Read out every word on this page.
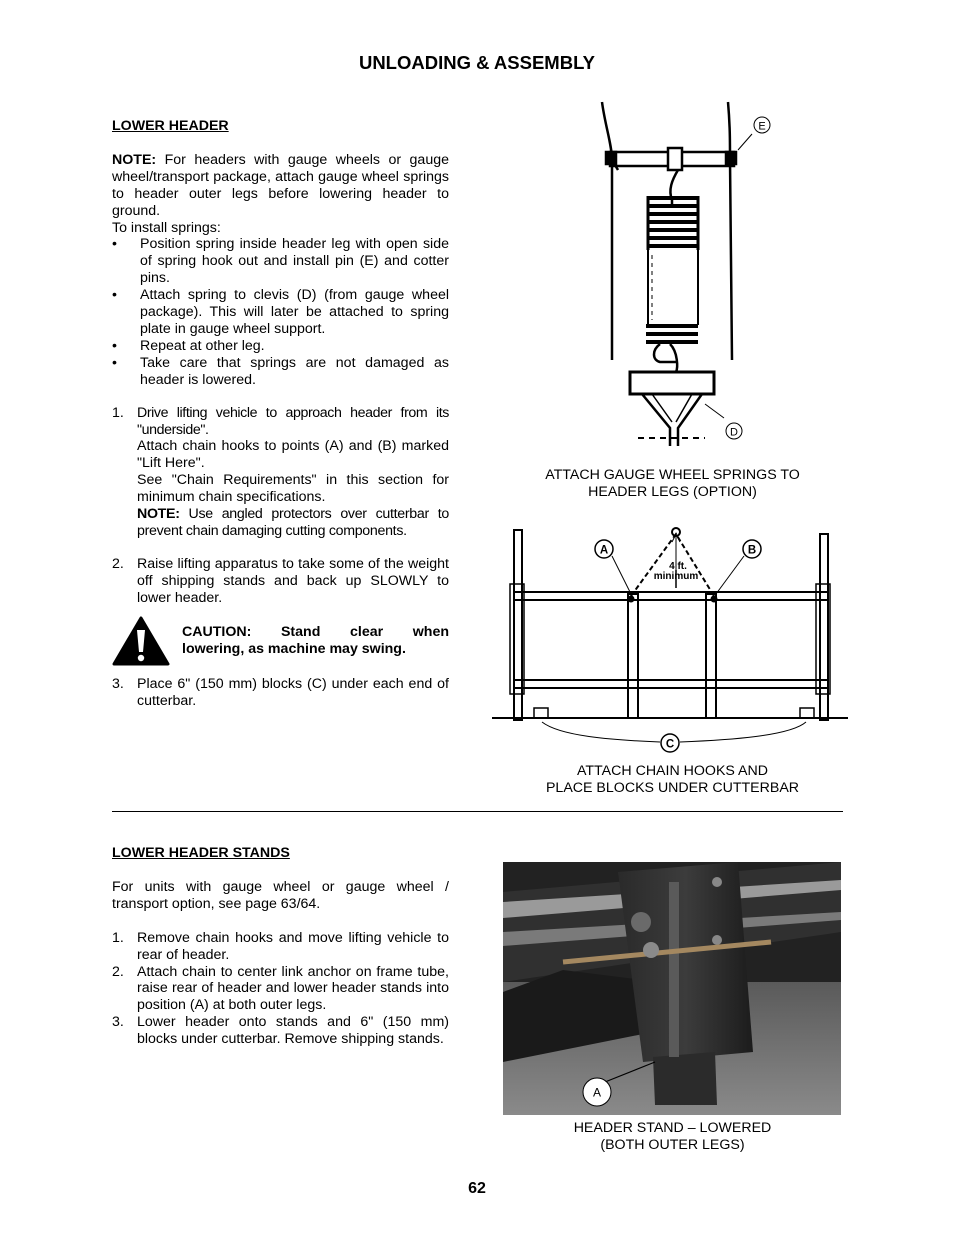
UNLOADING & ASSEMBLY
LOWER HEADER
NOTE: For headers with gauge wheels or gauge wheel/transport package, attach gauge wheel springs to header outer legs before lowering header to ground.
To install springs:
• Position spring inside header leg with open side of spring hook out and install pin (E) and cotter pins.
• Attach spring to clevis (D) (from gauge wheel package). This will later be attached to spring plate in gauge wheel support.
• Repeat at other leg.
• Take care that springs are not damaged as header is lowered.
1. Drive lifting vehicle to approach header from its "underside".
Attach chain hooks to points (A) and (B) marked "Lift Here".
See "Chain Requirements" in this section for minimum chain specifications.
NOTE: Use angled protectors over cutterbar to prevent chain damaging cutting components.
2. Raise lifting apparatus to take some of the weight off shipping stands and back up SLOWLY to lower header.
CAUTION: Stand clear when
lowering, as machine may swing.
3. Place 6" (150 mm) blocks (C) under each end of cutterbar.
E
D
ATTACH GAUGE WHEEL SPRINGS TO
HEADER LEGS (OPTION)
A	B
C
4 ft.
minimum
ATTACH CHAIN HOOKS AND
PLACE BLOCKS UNDER CUTTERBAR
LOWER HEADER STANDS
For units with gauge wheel or gauge wheel / transport option, see page 63/64.
1. Remove chain hooks and move lifting vehicle to rear of header.
2. Attach chain to center link anchor on frame tube, raise rear of header and lower header stands into position (A) at both outer legs.
3. Lower header onto stands and 6" (150 mm) blocks under cutterbar. Remove shipping stands.
A
HEADER STAND – LOWERED
(BOTH OUTER LEGS)
62
